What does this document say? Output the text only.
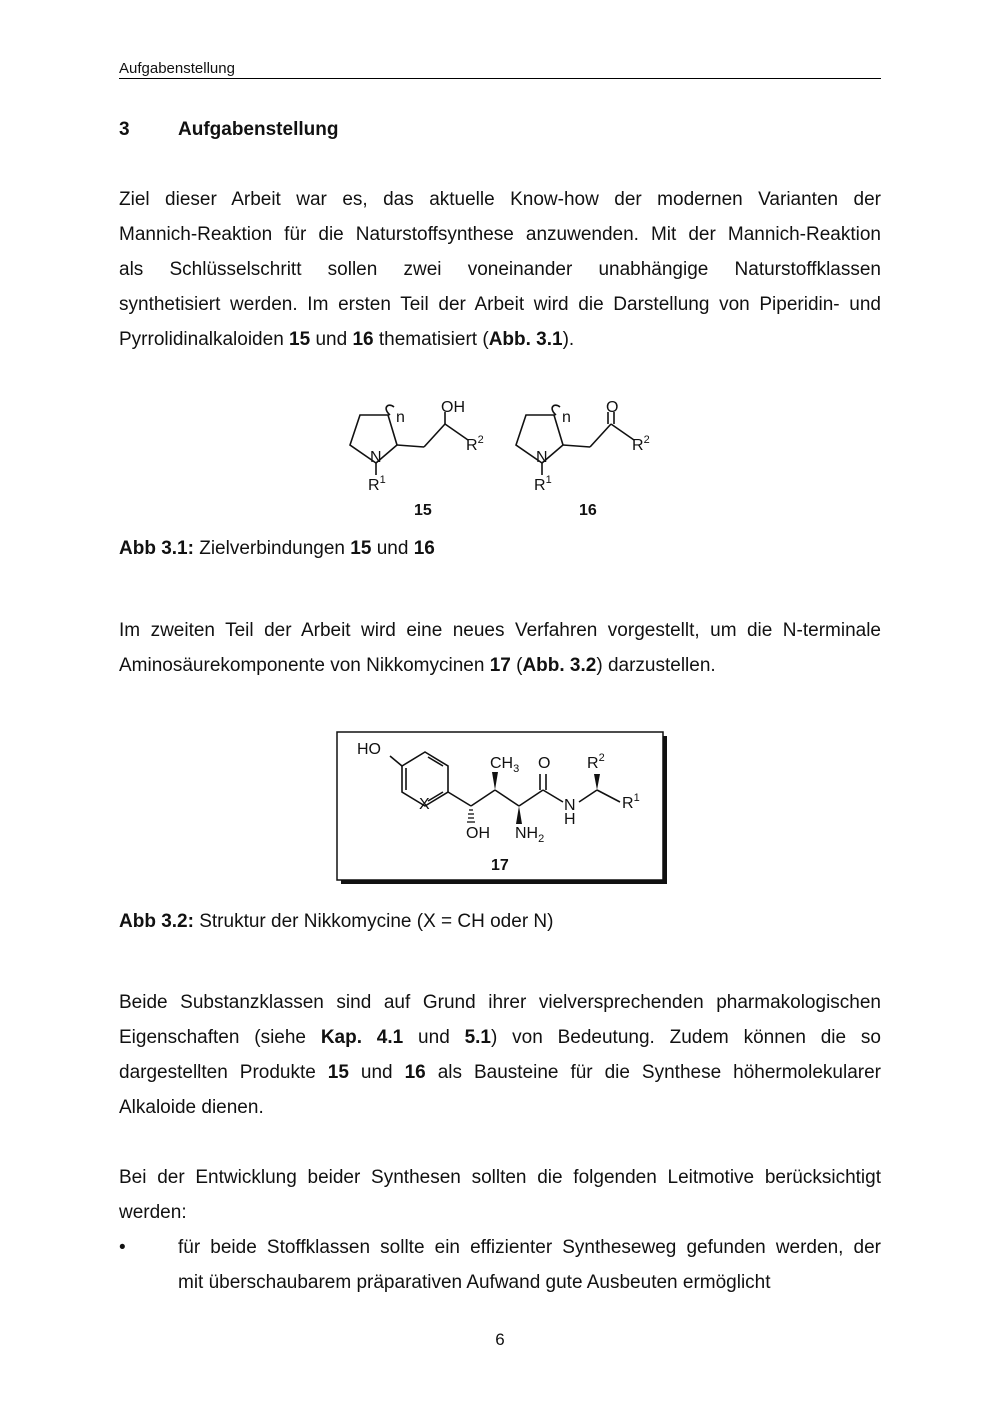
Aufgabenstellung
3	Aufgabenstellung
Ziel dieser Arbeit war es, das aktuelle Know-how der modernen Varianten der
Mannich-Reaktion für die Naturstoffsynthese anzuwenden. Mit der Mannich-Reaktion
als Schlüsselschritt sollen zwei voneinander unabhängige Naturstoffklassen
synthetisiert werden. Im ersten Teil der Arbeit wird die Darstellung von Piperidin- und
Pyrrolidinalkaloiden 15 und 16 thematisiert (Abb. 3.1).
n
OH
N
$R^2$
$R^1$
n
O
N
$R^2$
$R^1$
15	16
Abb 3.1: Zielverbindungen 15 und 16
Im zweiten Teil der Arbeit wird eine neues Verfahren vorgestellt, um die N-terminale
Aminosäurekomponente von Nikkomycinen 17 (Abb. 3.2) darzustellen.
HO
$CH_3$ O $R^2$
X	N
H
$R^1$
OH $NH_2$
17
Abb 3.2: Struktur der Nikkomycine (X = CH oder N)
Beide Substanzklassen sind auf Grund ihrer vielversprechenden pharmakologischen
Eigenschaften (siehe Kap. 4.1 und 5.1) von Bedeutung. Zudem können die so
dargestellten Produkte 15 und 16 als Bausteine für die Synthese höhermolekularer
Alkaloide dienen.
Bei der Entwicklung beider Synthesen sollten die folgenden Leitmotive berücksichtigt
werden:
•	für beide Stoffklassen sollte ein effizienter Syntheseweg gefunden werden, der
mit überschaubarem präparativen Aufwand gute Ausbeuten ermöglicht
6
